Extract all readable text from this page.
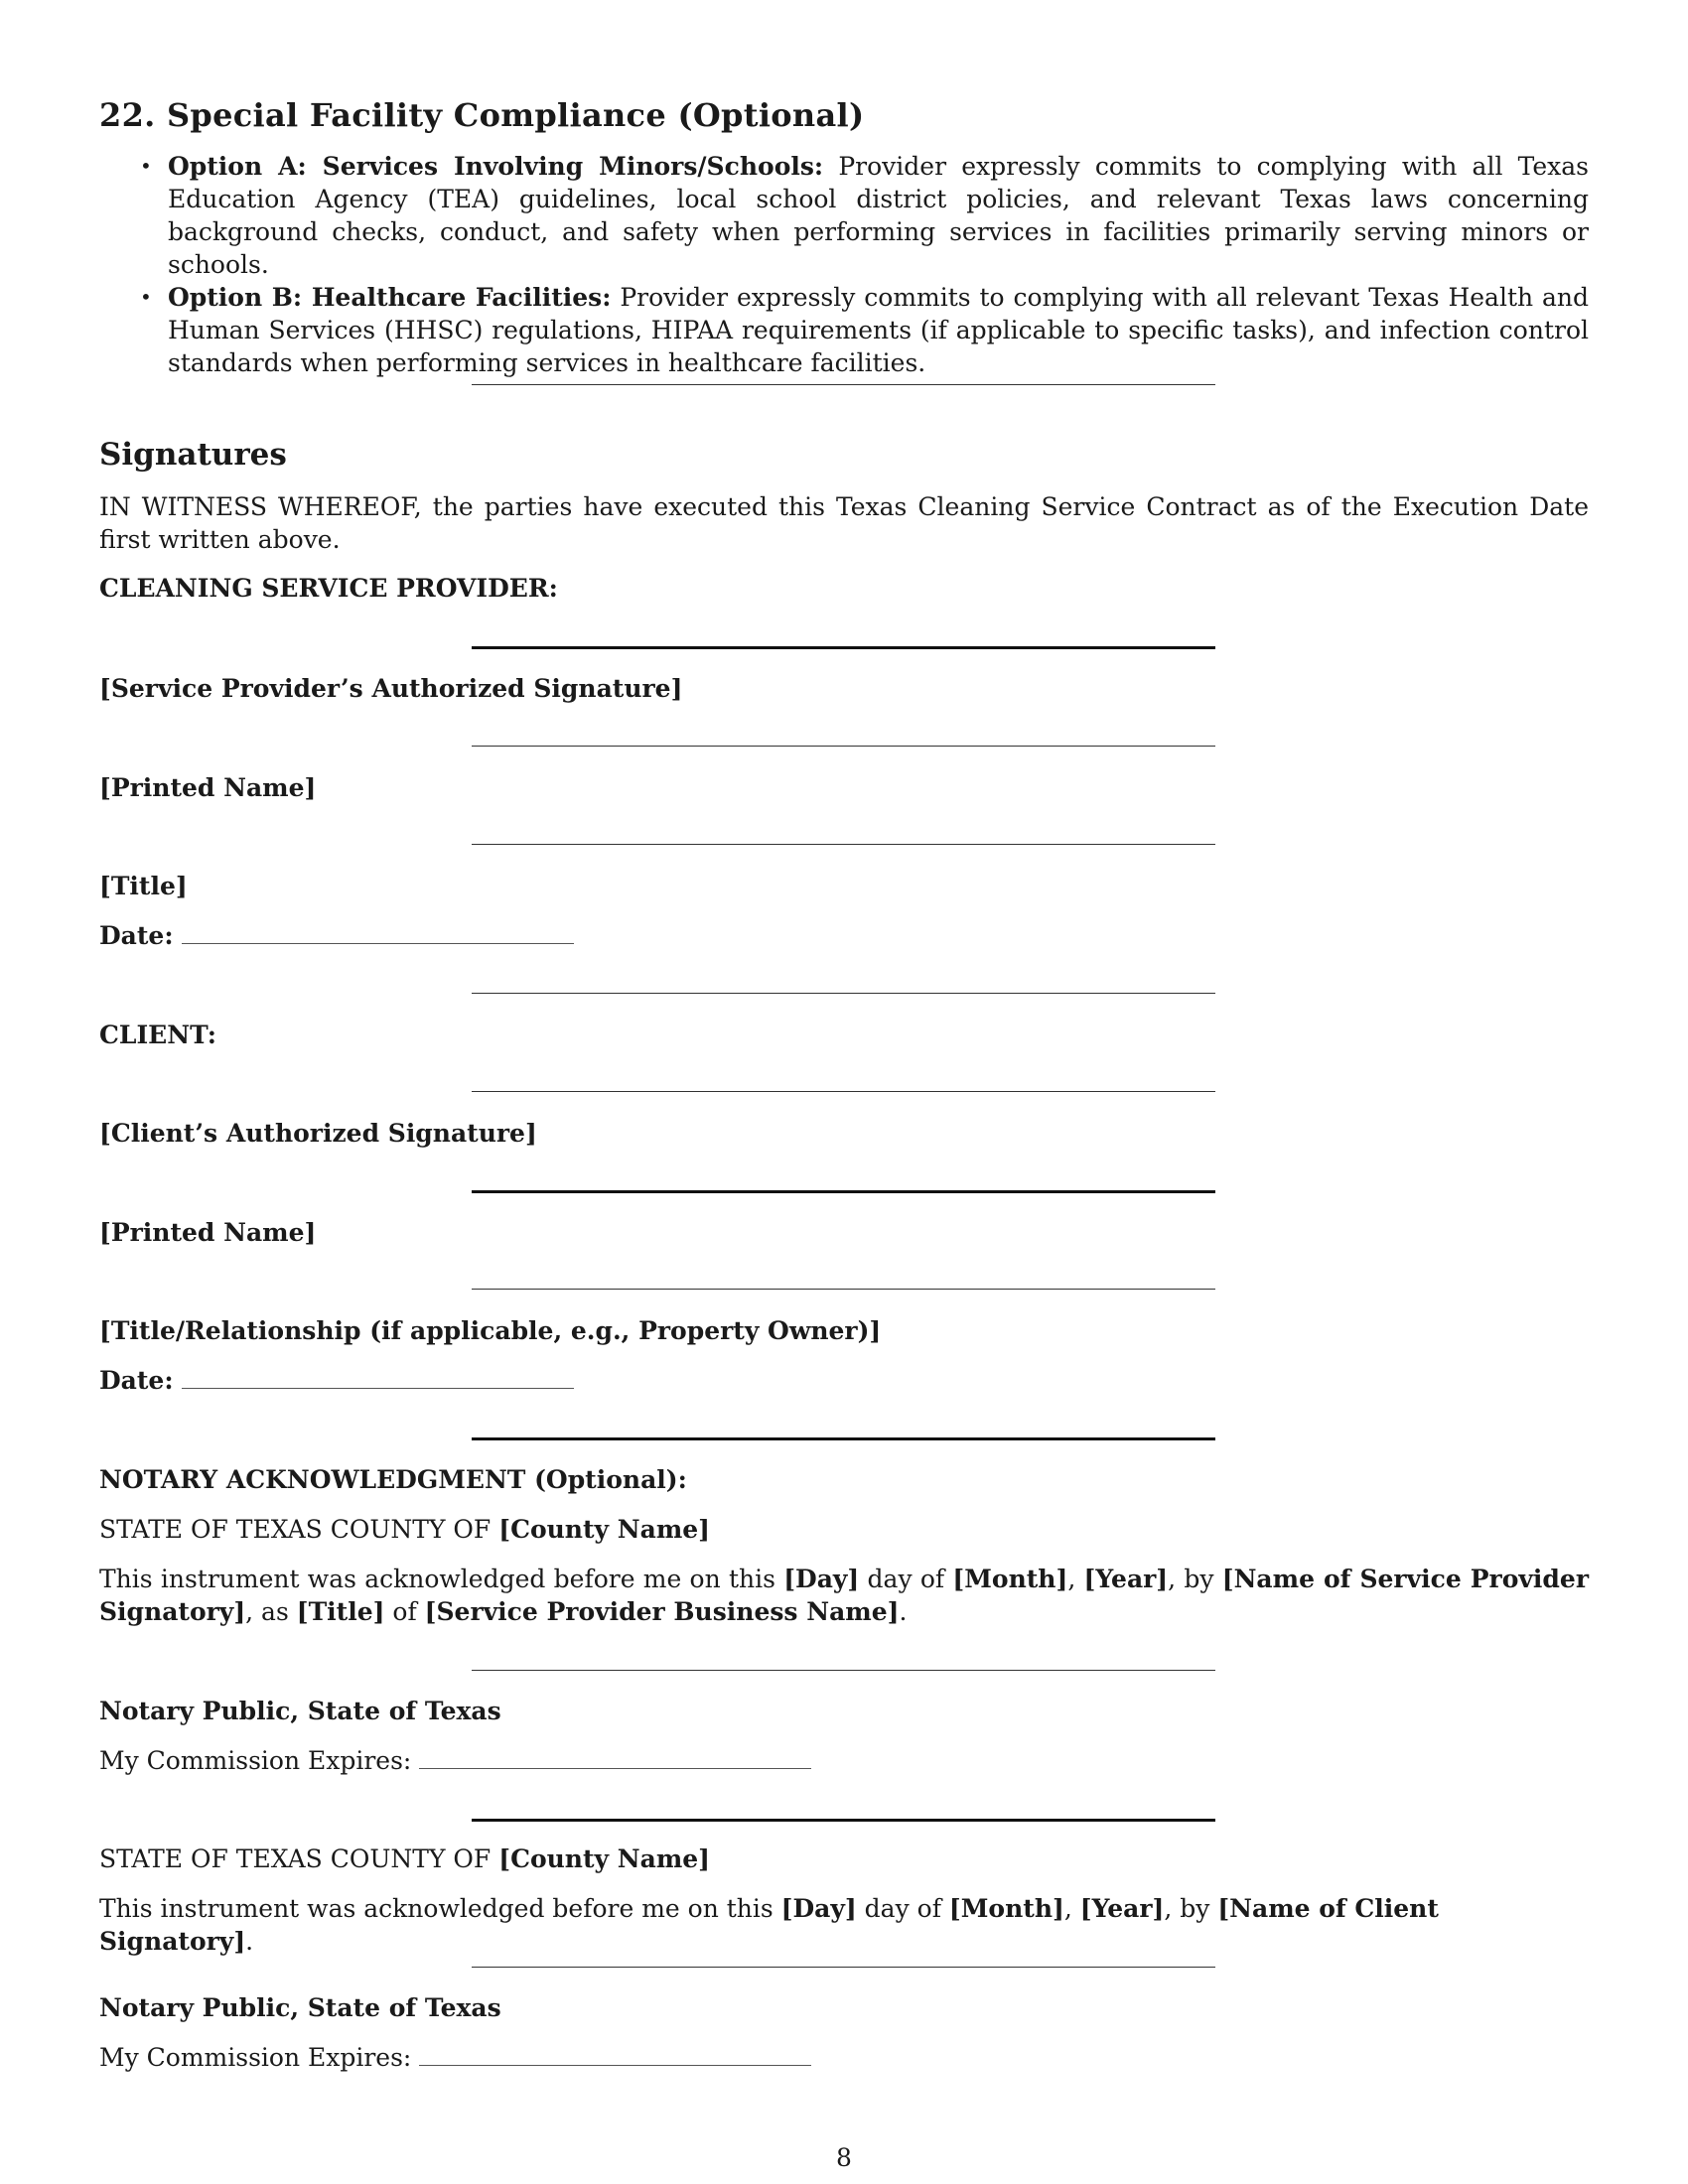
22. Special Facility Compliance (Optional)
• Option A: Services Involving Minors/Schools: Provider expressly commits to complying with all Texas Education Agency (TEA) guidelines, local school district policies, and relevant Texas laws concerning background checks, conduct, and safety when performing services in facilities primarily serving minors or schools.
• Option B: Healthcare Facilities: Provider expressly commits to complying with all relevant Texas Health and Human Services (HHSC) regulations, HIPAA requirements (if applicable to specific tasks), and infection control standards when performing services in healthcare facilities.
Signatures
IN WITNESS WHEREOF, the parties have executed this Texas Cleaning Service Contract as of the Execution Date first written above.
CLEANING SERVICE PROVIDER:
[Service Provider’s Authorized Signature]
[Printed Name]
[Title]
Date:
CLIENT:
[Client’s Authorized Signature]
[Printed Name]
[Title/Relationship (if applicable, e.g., Property Owner)]
Date:
NOTARY ACKNOWLEDGMENT (Optional):
STATE OF TEXAS COUNTY OF [County Name]
This instrument was acknowledged before me on this [Day] day of [Month], [Year], by [Name of Service Provider Signatory], as [Title] of [Service Provider Business Name].
Notary Public, State of Texas
My Commission Expires:
STATE OF TEXAS COUNTY OF [County Name]
This instrument was acknowledged before me on this [Day] day of [Month], [Year], by [Name of Client Signatory].
Notary Public, State of Texas
My Commission Expires:
8
